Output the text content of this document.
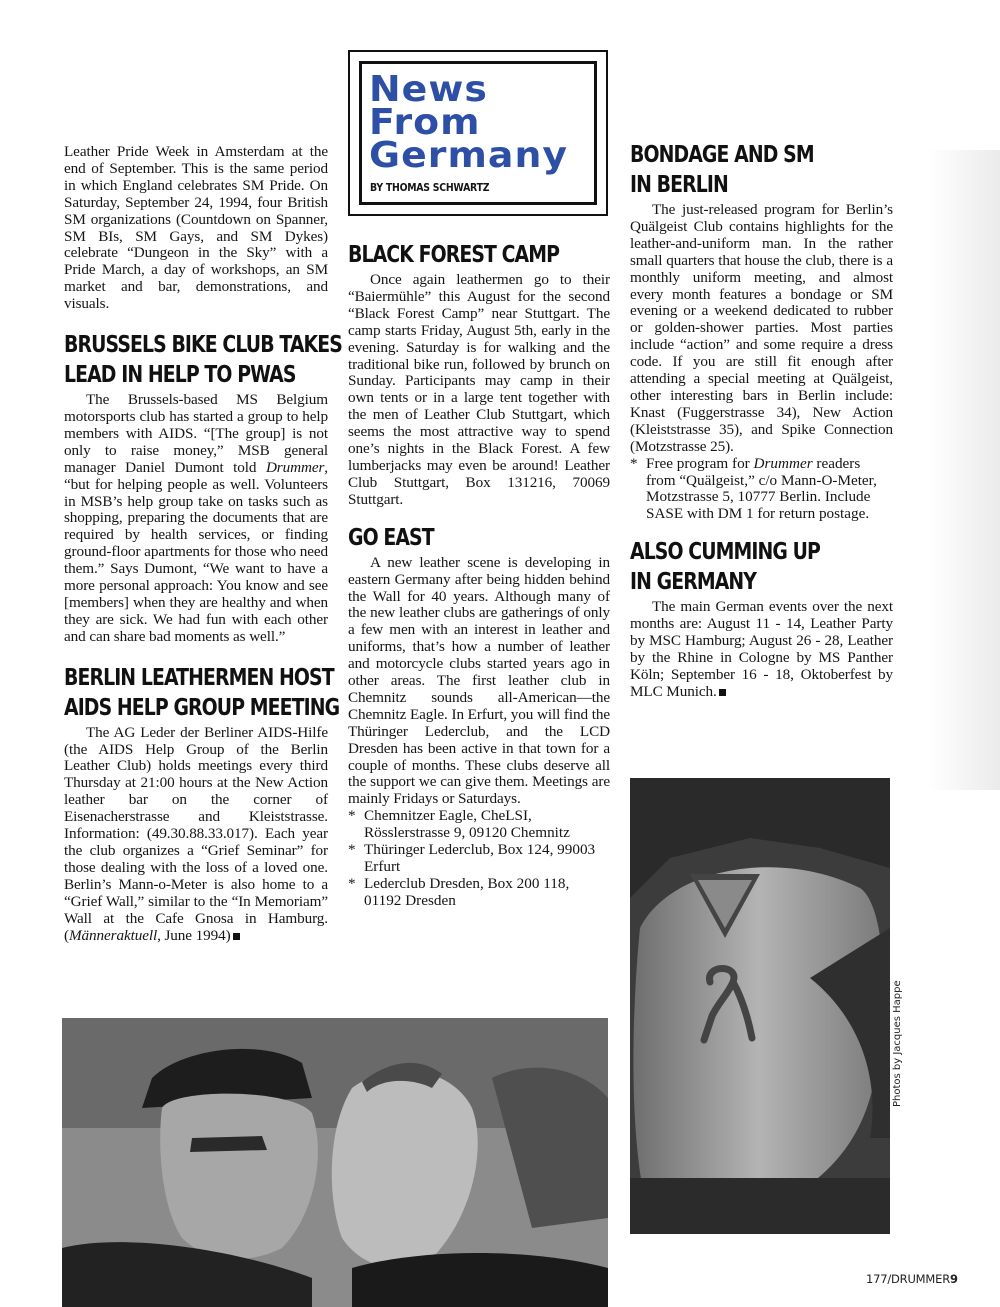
Leather Pride Week in Amsterdam at the end of September. This is the same period in which England celebrates SM Pride. On Saturday, September 24, 1994, four British SM organizations (Countdown on Spanner, SM BIs, SM Gays, and SM Dykes) celebrate “Dungeon in the Sky” with a Pride March, a day of workshops, an SM market and bar, demonstrations, and visuals.

BRUSSELS BIKE CLUB TAKES
LEAD IN HELP TO PWAS

The Brussels-based MS Belgium motorsports club has started a group to help members with AIDS. “[The group] is not only to raise money,” MSB general manager Daniel Dumont told Drummer, “but for helping people as well. Volunteers in MSB’s help group take on tasks such as shopping, preparing the documents that are required by health services, or finding ground-floor apartments for those who need them.” Says Dumont, “We want to have a more personal approach: You know and see [members] when they are healthy and when they are sick. We had fun with each other and can share bad moments as well.”

BERLIN LEATHERMEN HOST
AIDS HELP GROUP MEETING

The AG Leder der Berliner AIDS-Hilfe (the AIDS Help Group of the Berlin Leather Club) holds meetings every third Thursday at 21:00 hours at the New Action leather bar on the corner of Eisenacherstrasse and Kleiststrasse. Information: (49.30.88.33.017). Each year the club organizes a “Grief Seminar” for those dealing with the loss of a loved one. Berlin’s Mann-o-Meter is also home to a “Grief Wall,” similar to the “In Memoriam” Wall at the Cafe Gnosa in Hamburg. (Männeraktuell, June 1994)

News
From
Germany
BY THOMAS SCHWARTZ
BLACK FOREST CAMP

Once again leathermen go to their “Baiermühle” this August for the second “Black Forest Camp” near Stuttgart. The camp starts Friday, August 5th, early in the evening. Saturday is for walking and the traditional bike run, followed by brunch on Sunday. Participants may camp in their own tents or in a large tent together with the men of Leather Club Stuttgart, which seems the most attractive way to spend one’s nights in the Black Forest. A few lumberjacks may even be around! Leather Club Stuttgart, Box 131216, 70069 Stuttgart.

GO EAST

A new leather scene is developing in eastern Germany after being hidden behind the Wall for 40 years. Although many of the new leather clubs are gatherings of only a few men with an interest in leather and uniforms, that’s how a number of leather and motorcycle clubs started years ago in other areas. The first leather club in Chemnitz sounds all-American—the Chemnitz Eagle. In Erfurt, you will find the Thüringer Lederclub, and the LCD Dresden has been active in that town for a couple of months. These clubs deserve all the support we can give them. Meetings are mainly Fridays or Saturdays.

* Chemnitzer Eagle, CheLSI, Rösslerstrasse 9, 09120 Chemnitz
* Thüringer Lederclub, Box 124, 99003 Erfurt
* Lederclub Dresden, Box 200 118, 01192 Dresden
BONDAGE AND SM
IN BERLIN

The just-released program for Berlin’s Quälgeist Club contains highlights for the leather-and-uniform man. In the rather small quarters that house the club, there is a monthly uniform meeting, and almost every month features a bondage or SM evening or a weekend dedicated to rubber or golden-shower parties. Most parties include “action” and some require a dress code. If you are still fit enough after attending a special meeting at Quälgeist, other interesting bars in Berlin include: Knast (Fuggerstrasse 34), New Action (Kleiststrasse 35), and Spike Connection (Motzstrasse 25).

* Free program for Drummer readers from “Quälgeist,” c/o Mann-O-Meter, Motzstrasse 5, 10777 Berlin. Include SASE with DM 1 for return postage.
ALSO CUMMING UP
IN GERMANY

The main German events over the next months are: August 11 - 14, Leather Party by MSC Hamburg; August 26 - 28, Leather by the Rhine in Cologne by MS Panther Köln; September 16 - 18, Oktoberfest by MLC Munich.

Photos by Jacques Happe
177/DRUMMER9
